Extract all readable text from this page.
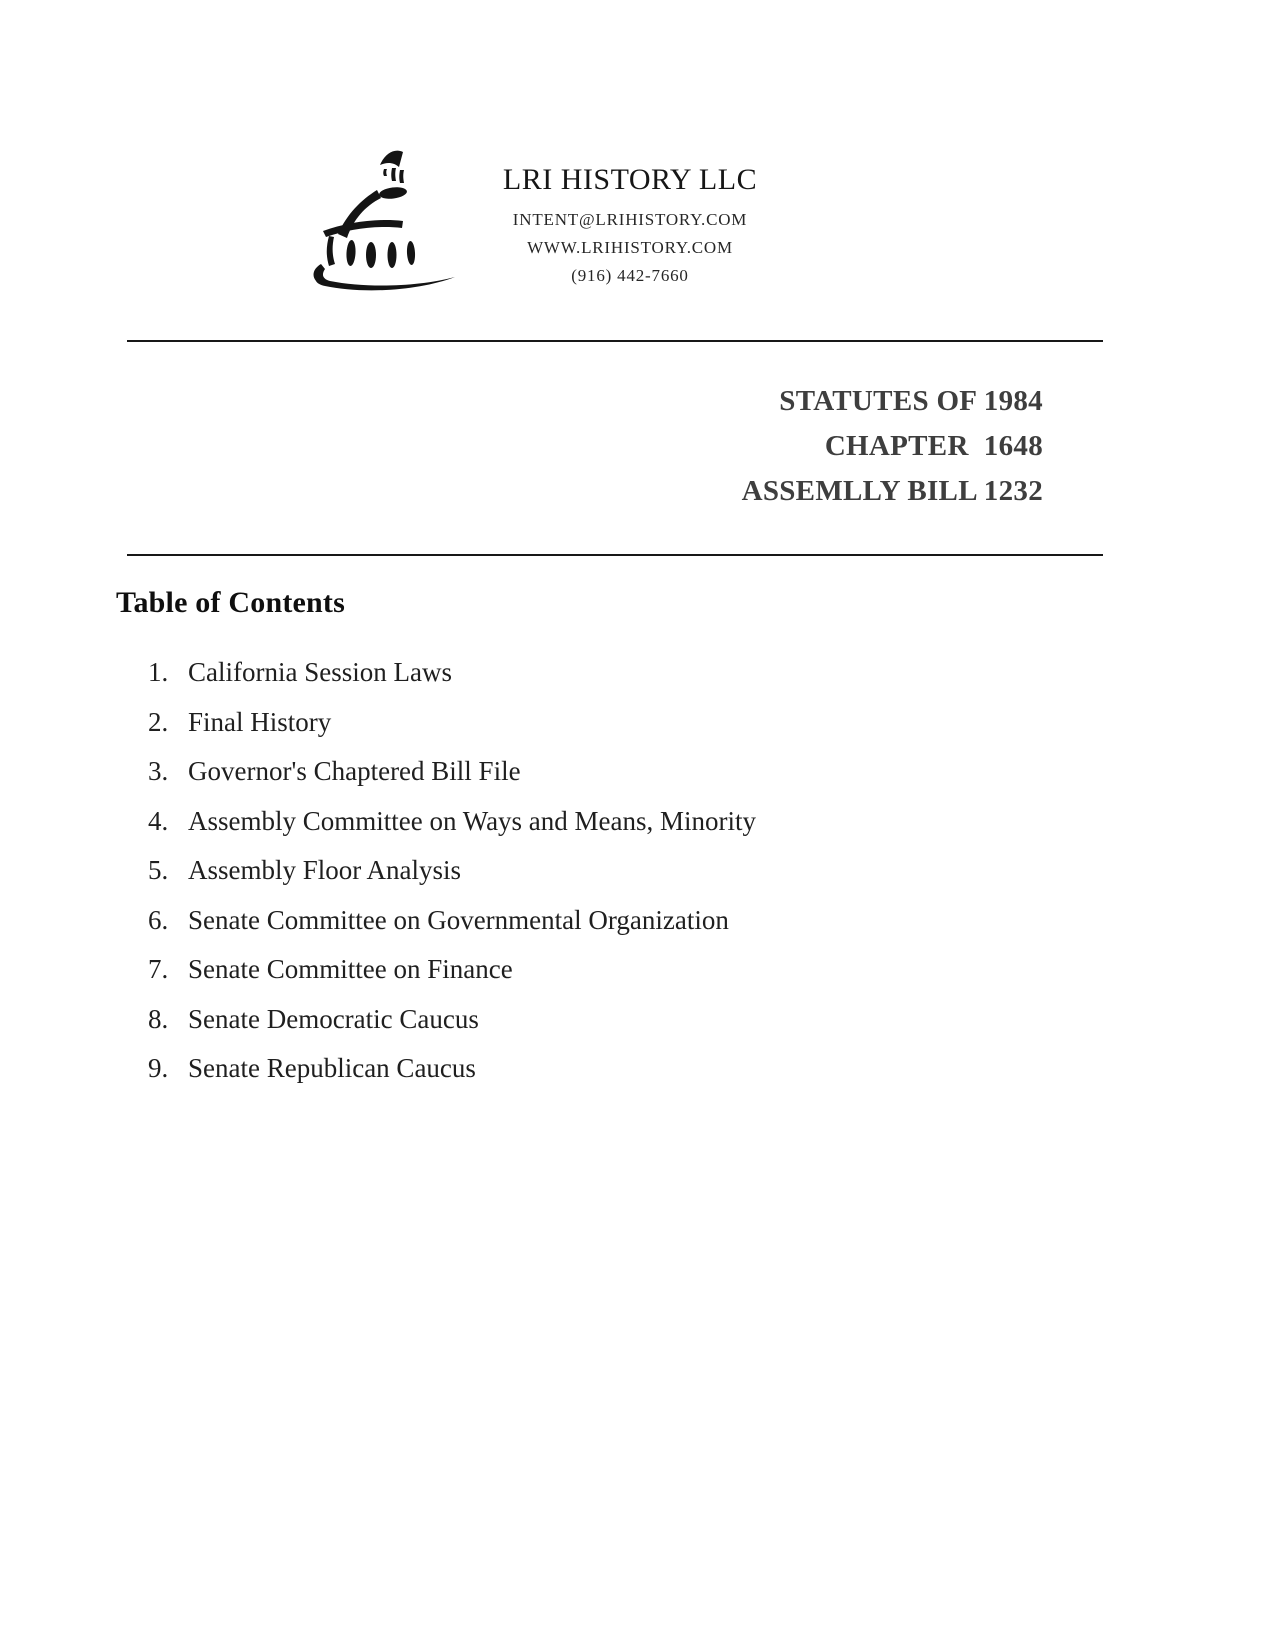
LRI HISTORY LLC
INTENT@LRIHISTORY.COM
WWW.LRIHISTORY.COM
(916) 442-7660
STATUTES OF 1984
CHAPTER  1648
ASSEMLLY BILL 1232
Table of Contents
1. California Session Laws
2. Final History
3. Governor's Chaptered Bill File
4. Assembly Committee on Ways and Means, Minority
5. Assembly Floor Analysis
6. Senate Committee on Governmental Organization
7. Senate Committee on Finance
8. Senate Democratic Caucus
9. Senate Republican Caucus
